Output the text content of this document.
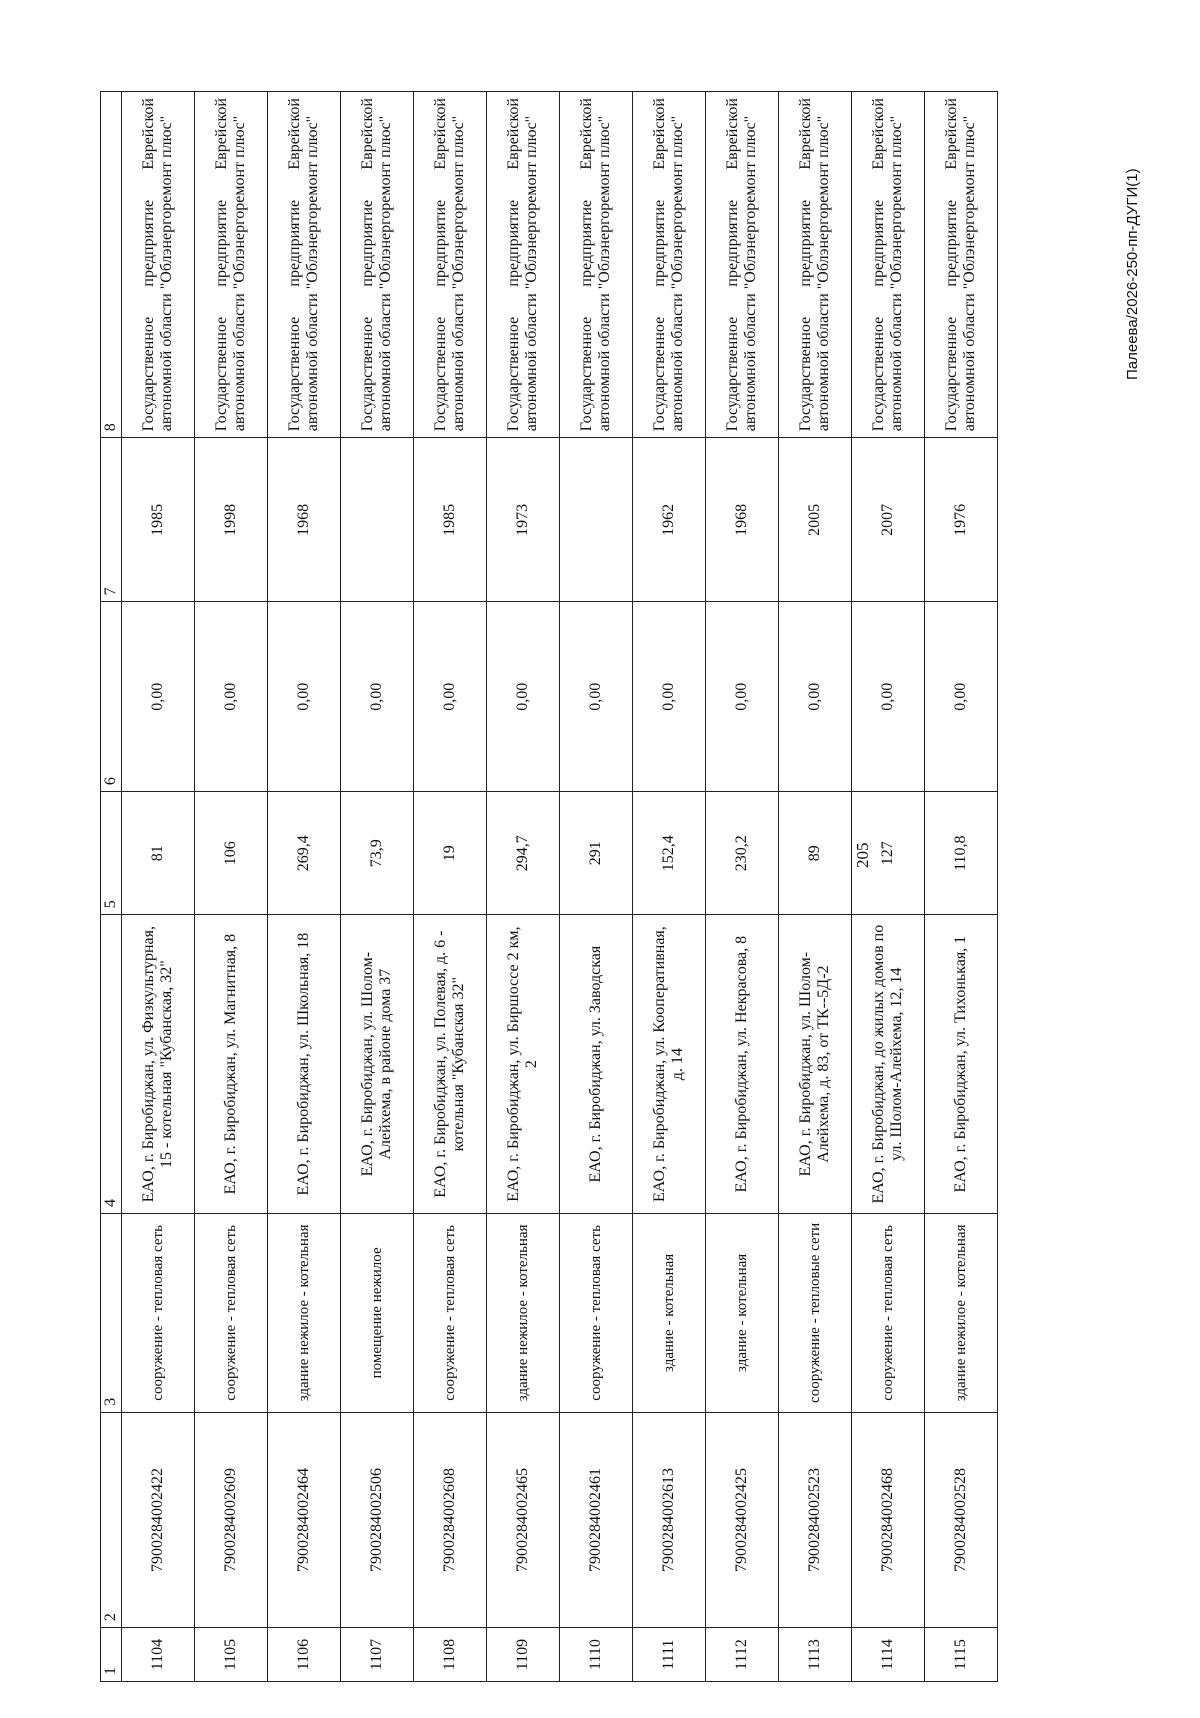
205
1	2	3	4	5	6	7	8
1104	7900284002422	сооружение - тепловая сеть	ЕАО, г. Биробиджан, ул. Физкультурная, 15 - котельная "Кубанская, 32"	81	0,00	1985	Государственное предприятие Еврейской автономной области "Облэнергоремонт плюс"
1105	7900284002609	сооружение - тепловая сеть	ЕАО, г. Биробиджан, ул. Магнитная, 8	106	0,00	1998	Государственное предприятие Еврейской автономной области "Облэнергоремонт плюс"
1106	7900284002464	здание нежилое - котельная	ЕАО, г. Биробиджан, ул. Школьная, 18	269,4	0,00	1968	Государственное предприятие Еврейской автономной области "Облэнергоремонт плюс"
1107	7900284002506	помещение нежилое	ЕАО, г. Биробиджан, ул. Шолом-Алейхема, в районе дома 37	73,9	0,00		Государственное предприятие Еврейской автономной области "Облэнергоремонт плюс"
1108	7900284002608	сооружение - тепловая сеть	ЕАО, г. Биробиджан, ул. Полевая, д. 6 - котельная "Кубанская 32"	19	0,00	1985	Государственное предприятие Еврейской автономной области "Облэнергоремонт плюс"
1109	7900284002465	здание нежилое - котельная	ЕАО, г. Биробиджан, ул. Биршоссе 2 км, 2	294,7	0,00	1973	Государственное предприятие Еврейской автономной области "Облэнергоремонт плюс"
1110	7900284002461	сооружение - тепловая сеть	ЕАО, г. Биробиджан, ул. Заводская	291	0,00		Государственное предприятие Еврейской автономной области "Облэнергоремонт плюс"
1111	7900284002613	здание - котельная	ЕАО, г. Биробиджан, ул. Кооперативная, д. 14	152,4	0,00	1962	Государственное предприятие Еврейской автономной области "Облэнергоремонт плюс"
1112	7900284002425	здание - котельная	ЕАО, г. Биробиджан, ул. Некрасова, 8	230,2	0,00	1968	Государственное предприятие Еврейской автономной области "Облэнергоремонт плюс"
1113	7900284002523	сооружение - тепловые сети	ЕАО, г. Биробиджан, ул. Шолом-Алейхема, д. 83, от ТК--5Д-2	89	0,00	2005	Государственное предприятие Еврейской автономной области "Облэнергоремонт плюс"
1114	7900284002468	сооружение - тепловая сеть	ЕАО, г. Биробиджан, до жилых домов по ул. Шолом-Алейхема, 12, 14	127	0,00	2007	Государственное предприятие Еврейской автономной области "Облэнергоремонт плюс"
1115	7900284002528	здание нежилое - котельная	ЕАО, г. Биробиджан, ул. Тихонькая, 1	110,8	0,00	1976	Государственное предприятие Еврейской автономной области "Облэнергоремонт плюс"	Палеева/2026-250-пп-ДУГИ(1)
